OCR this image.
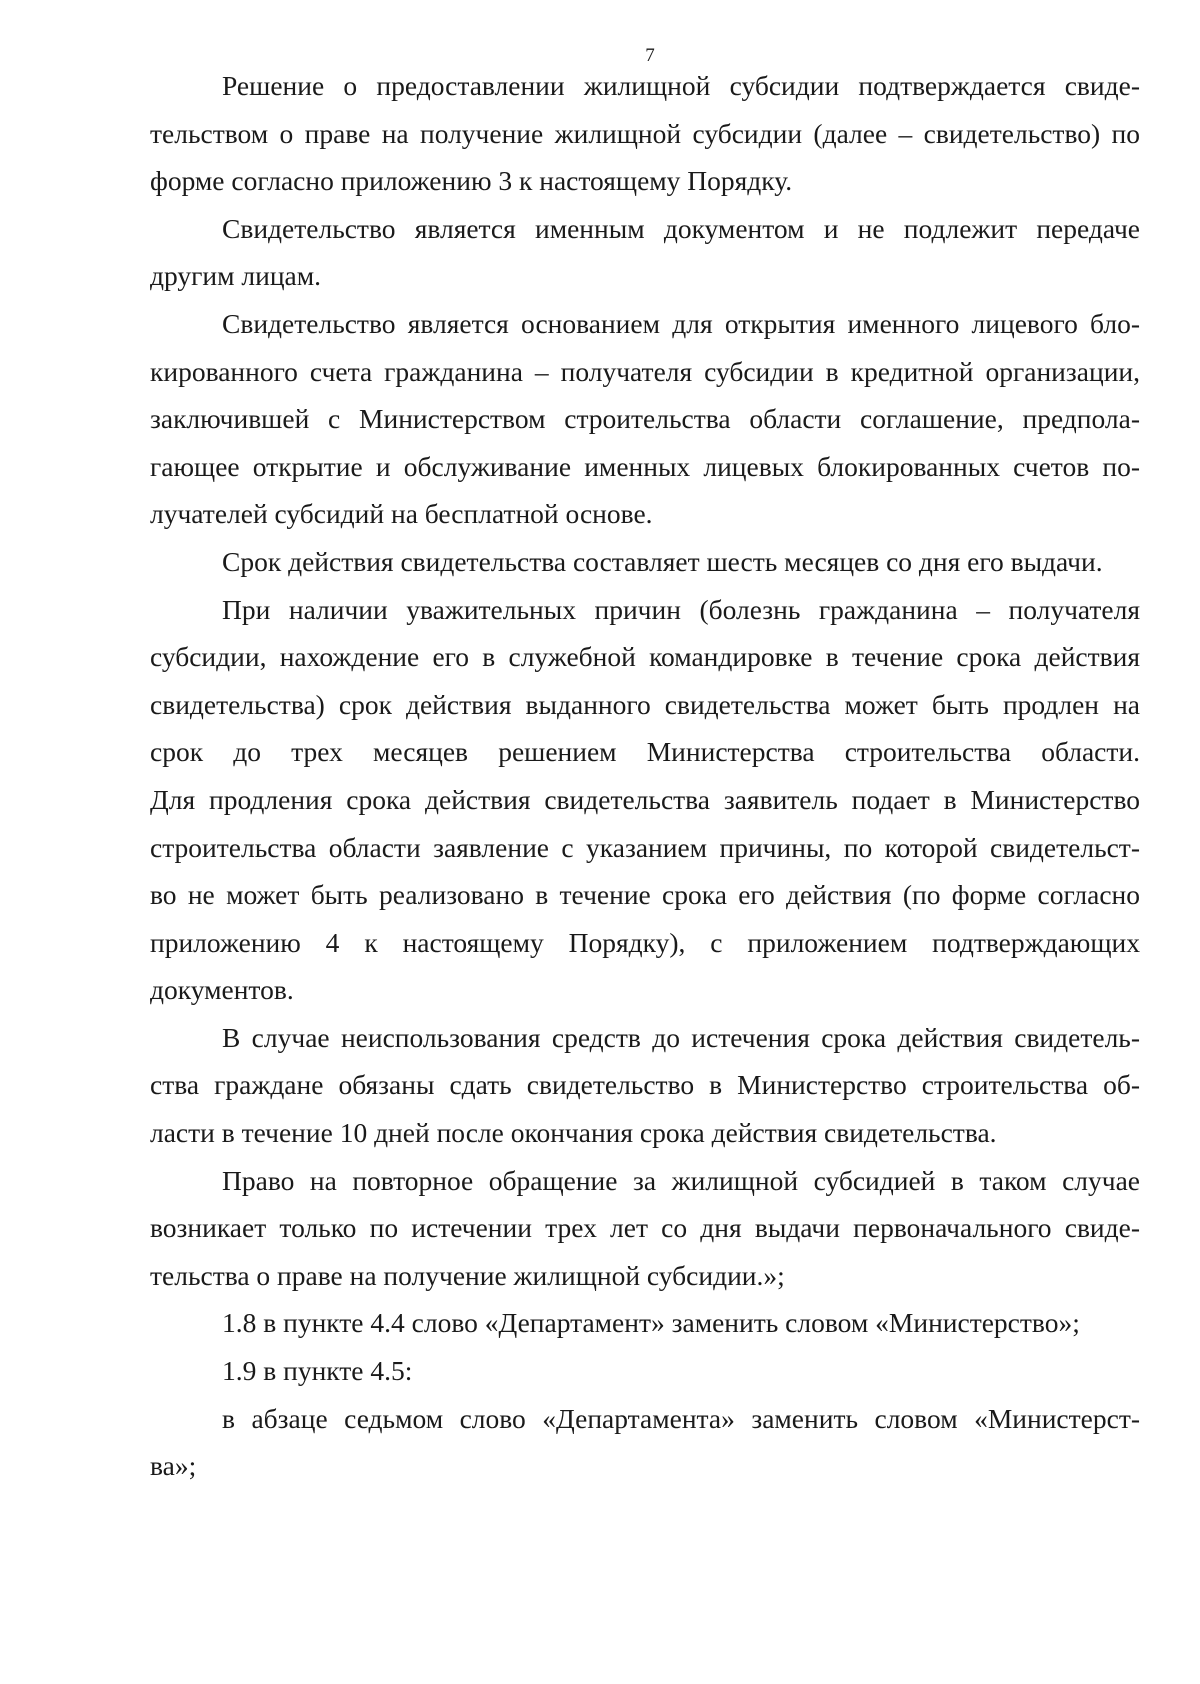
7
Решение о предоставлении жилищной субсидии подтверждается свиде-
тельством о праве на получение жилищной субсидии (далее – свидетельство) по
форме согласно приложению 3 к настоящему Порядку.
Свидетельство является именным документом и не подлежит передаче
другим лицам.
Свидетельство является основанием для открытия именного лицевого бло-
кированного счета гражданина – получателя субсидии в кредитной организации,
заключившей с Министерством строительства области соглашение, предпола-
гающее открытие и обслуживание именных лицевых блокированных счетов по-
лучателей субсидий на бесплатной основе.
Срок действия свидетельства составляет шесть месяцев со дня его выдачи.
При наличии уважительных причин (болезнь гражданина – получателя
субсидии, нахождение его в служебной командировке в течение срока действия
свидетельства) срок действия выданного свидетельства может быть продлен на
срок до трех месяцев решением Министерства строительства области.
Для продления срока действия свидетельства заявитель подает в Министерство
строительства области заявление с указанием причины, по которой свидетельст-
во не может быть реализовано в течение срока его действия (по форме согласно
приложению 4 к настоящему Порядку), с приложением подтверждающих
документов.
В случае неиспользования средств до истечения срока действия свидетель-
ства граждане обязаны сдать свидетельство в Министерство строительства об-
ласти в течение 10 дней после окончания срока действия свидетельства.
Право на повторное обращение за жилищной субсидией в таком случае
возникает только по истечении трех лет со дня выдачи первоначального свиде-
тельства о праве на получение жилищной субсидии.»;
1.8 в пункте 4.4 слово «Департамент» заменить словом «Министерство»;
1.9 в пункте 4.5:
в абзаце седьмом слово «Департамента» заменить словом «Министерст-
ва»;
